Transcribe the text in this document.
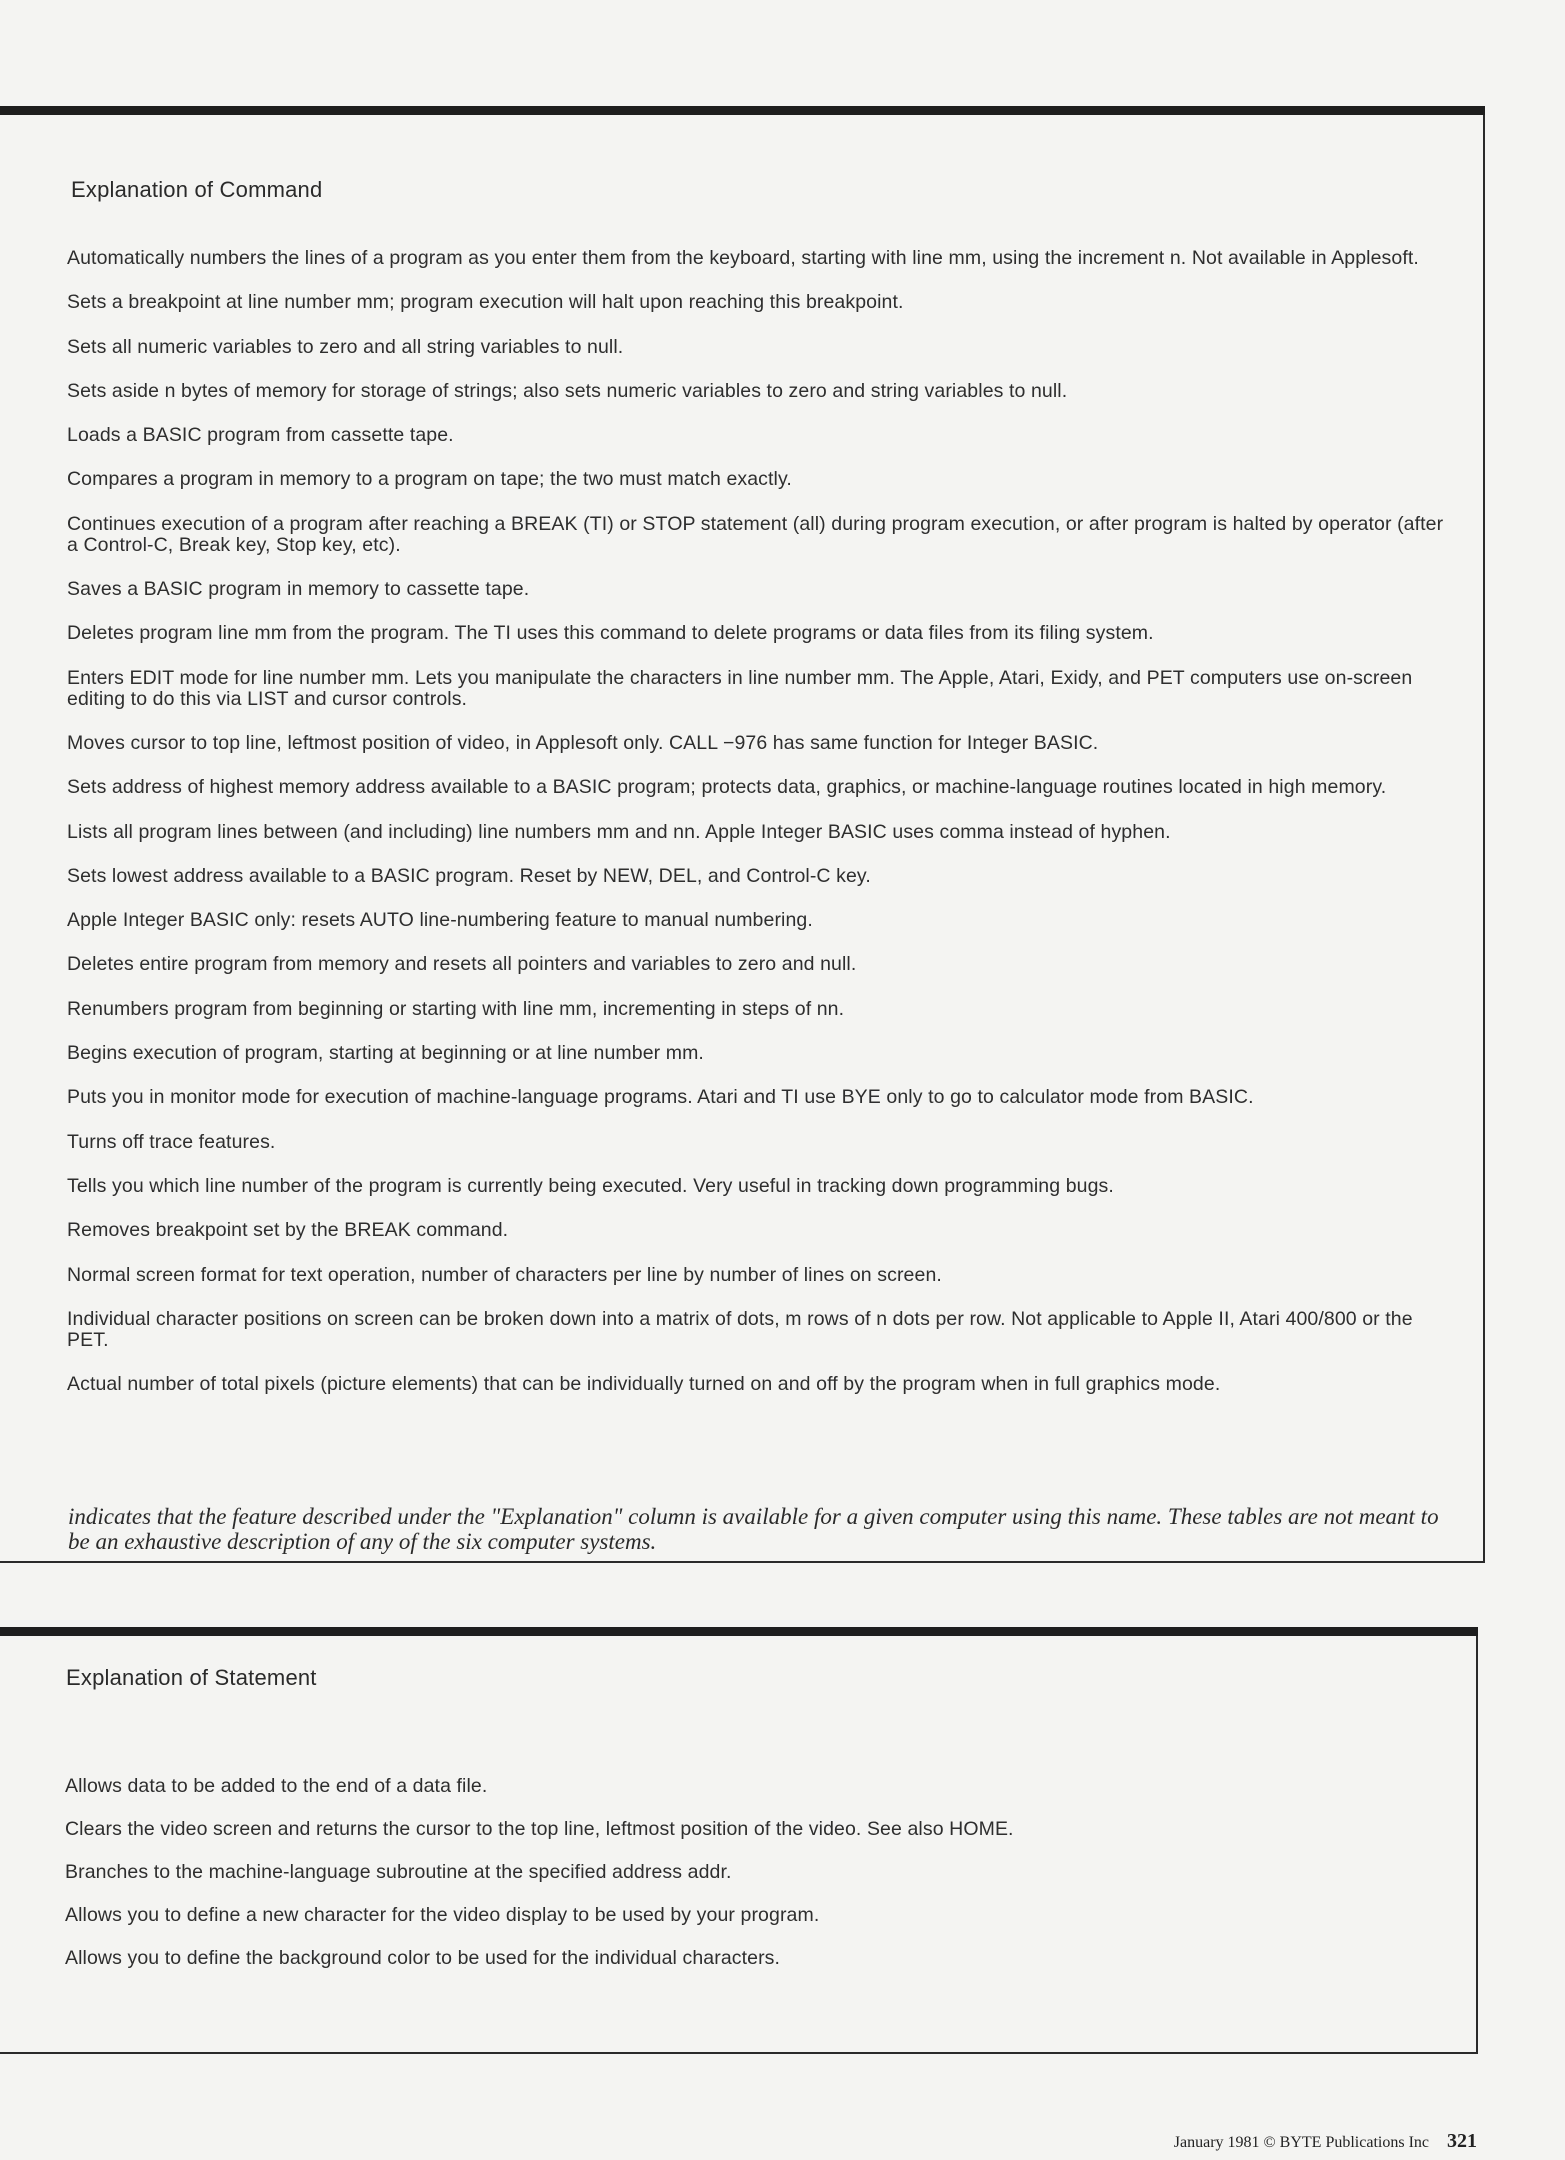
Explanation of Command
Automatically numbers the lines of a program as you enter them from the keyboard, starting with line mm, using the increment n. Not available in Applesoft.
Sets a breakpoint at line number mm; program execution will halt upon reaching this breakpoint.
Sets all numeric variables to zero and all string variables to null.
Sets aside n bytes of memory for storage of strings; also sets numeric variables to zero and string variables to null.
Loads a BASIC program from cassette tape.
Compares a program in memory to a program on tape; the two must match exactly.
Continues execution of a program after reaching a BREAK (TI) or STOP statement (all) during program execution, or after program is halted by operator (after a Control-C, Break key, Stop key, etc).
Saves a BASIC program in memory to cassette tape.
Deletes program line mm from the program. The TI uses this command to delete programs or data files from its filing system.
Enters EDIT mode for line number mm. Lets you manipulate the characters in line number mm. The Apple, Atari, Exidy, and PET computers use on-screen editing to do this via LIST and cursor controls.
Moves cursor to top line, leftmost position of video, in Applesoft only. CALL −976 has same function for Integer BASIC.
Sets address of highest memory address available to a BASIC program; protects data, graphics, or machine-language routines located in high memory.
Lists all program lines between (and including) line numbers mm and nn. Apple Integer BASIC uses comma instead of hyphen.
Sets lowest address available to a BASIC program. Reset by NEW, DEL, and Control-C key.
Apple Integer BASIC only: resets AUTO line-numbering feature to manual numbering.
Deletes entire program from memory and resets all pointers and variables to zero and null.
Renumbers program from beginning or starting with line mm, incrementing in steps of nn.
Begins execution of program, starting at beginning or at line number mm.
Puts you in monitor mode for execution of machine-language programs. Atari and TI use BYE only to go to calculator mode from BASIC.
Turns off trace features.
Tells you which line number of the program is currently being executed. Very useful in tracking down programming bugs.
Removes breakpoint set by the BREAK command.
Normal screen format for text operation, number of characters per line by number of lines on screen.
Individual character positions on screen can be broken down into a matrix of dots, m rows of n dots per row. Not applicable to Apple II, Atari 400/800 or the PET.
Actual number of total pixels (picture elements) that can be individually turned on and off by the program when in full graphics mode.

indicates that the feature described under the "Explanation" column is available for a given computer using this name. These tables are not meant to be an exhaustive description of any of the six computer systems.

Explanation of Statement
Allows data to be added to the end of a data file.
Clears the video screen and returns the cursor to the top line, leftmost position of the video. See also HOME.
Branches to the machine-language subroutine at the specified address addr.
Allows you to define a new character for the video display to be used by your program.
Allows you to define the background color to be used for the individual characters.
January 1981 © BYTE Publications Inc 321
